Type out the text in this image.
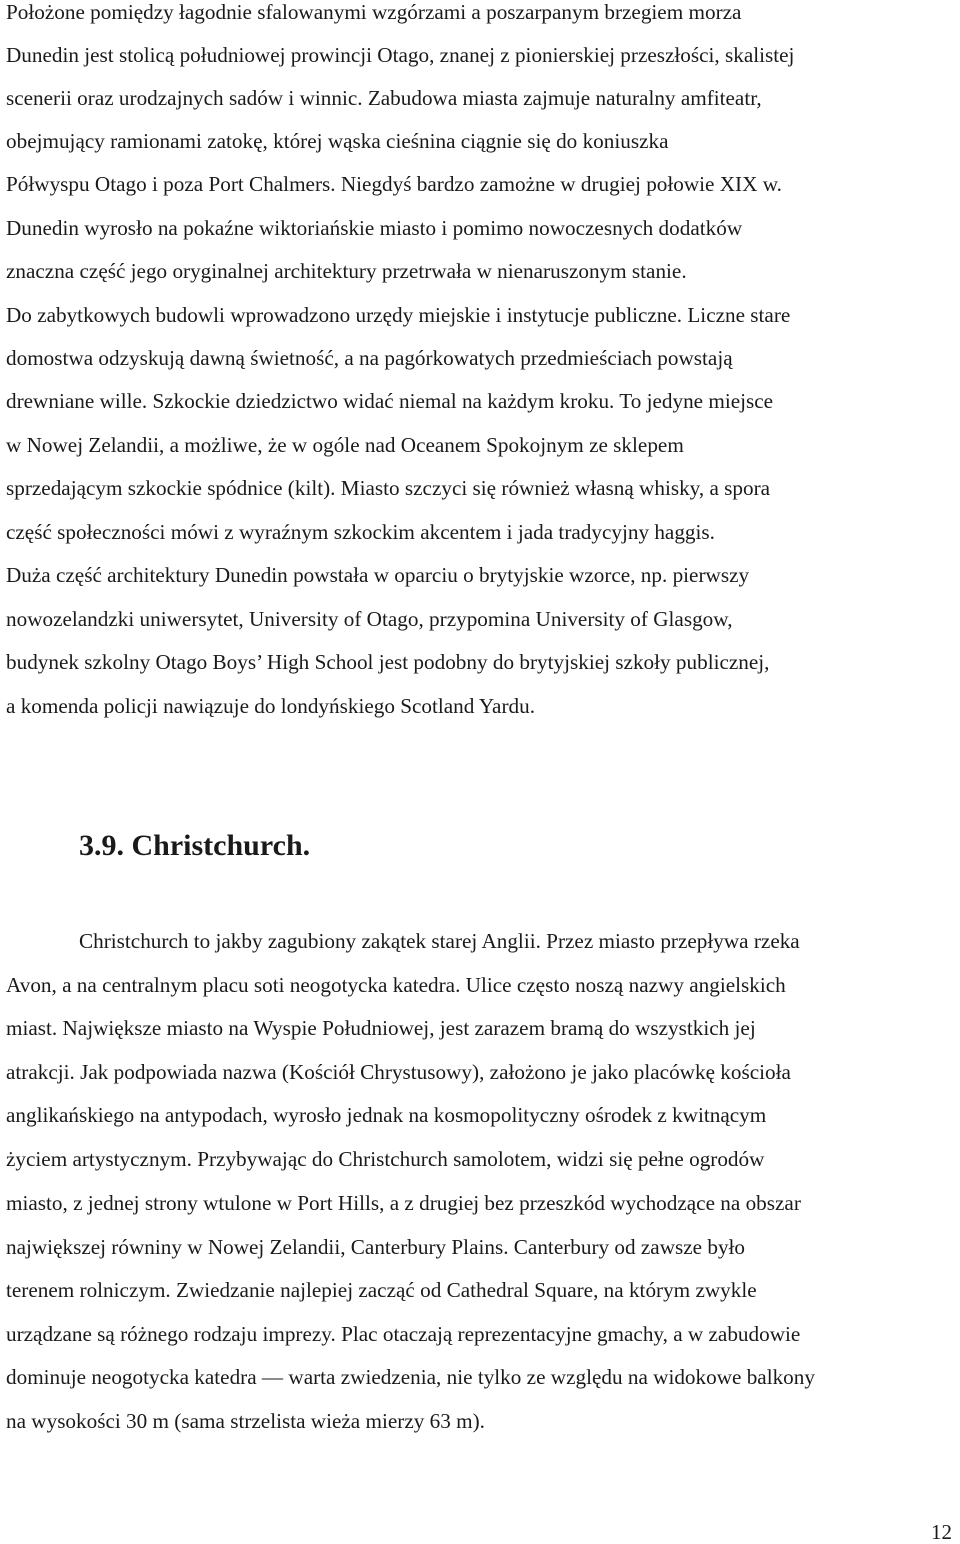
Położone pomiędzy łagodnie sfalowanymi wzgórzami a poszarpanym brzegiem morza
Dunedin jest stolicą południowej prowincji Otago, znanej z pionierskiej przeszłości, skalistej
scenerii oraz urodzajnych sadów i winnic. Zabudowa miasta zajmuje naturalny amfiteatr,
obejmujący ramionami zatokę, której wąska cieśnina ciągnie się do koniuszka
Półwyspu Otago i poza Port Chalmers. Niegdyś bardzo zamożne w drugiej połowie XIX w.
Dunedin wyrosło na pokaźne wiktoriańskie miasto i pomimo nowoczesnych dodatków
znaczna część jego oryginalnej architektury przetrwała w nienaruszonym stanie.
Do zabytkowych budowli wprowadzono urzędy miejskie i instytucje publiczne. Liczne stare
domostwa odzyskują dawną świetność, a na pagórkowatych przedmieściach powstają
drewniane wille. Szkockie dziedzictwo widać niemal na każdym kroku. To jedyne miejsce
w Nowej Zelandii, a możliwe, że w ogóle nad Oceanem Spokojnym ze sklepem
sprzedającym szkockie spódnice (kilt). Miasto szczyci się również własną whisky, a spora
część społeczności mówi z wyraźnym szkockim akcentem i jada tradycyjny haggis.
Duża część architektury Dunedin powstała w oparciu o brytyjskie wzorce, np. pierwszy
nowozelandzki uniwersytet, University of Otago, przypomina University of Glasgow,
budynek szkolny Otago Boys’ High School jest podobny do brytyjskiej szkoły publicznej,
a komenda policji nawiązuje do londyńskiego Scotland Yardu.
3.9. Christchurch.
Christchurch to jakby zagubiony zakątek starej Anglii. Przez miasto przepływa rzeka
Avon, a na centralnym placu soti neogotycka katedra. Ulice często noszą nazwy angielskich
miast. Największe miasto na Wyspie Południowej, jest zarazem bramą do wszystkich jej
atrakcji. Jak podpowiada nazwa (Kościół Chrystusowy), założono je jako placówkę kościoła
anglikańskiego na antypodach, wyrosło jednak na kosmopolityczny ośrodek z kwitnącym
życiem artystycznym. Przybywając do Christchurch samolotem, widzi się pełne ogrodów
miasto, z jednej strony wtulone w Port Hills, a z drugiej bez przeszkód wychodzące na obszar
największej równiny w Nowej Zelandii, Canterbury Plains. Canterbury od zawsze było
terenem rolniczym. Zwiedzanie najlepiej zacząć od Cathedral Square, na którym zwykle
urządzane są różnego rodzaju imprezy. Plac otaczają reprezentacyjne gmachy, a w zabudowie
dominuje neogotycka katedra — warta zwiedzenia, nie tylko ze względu na widokowe balkony
na wysokości 30 m (sama strzelista wieża mierzy 63 m).
12
